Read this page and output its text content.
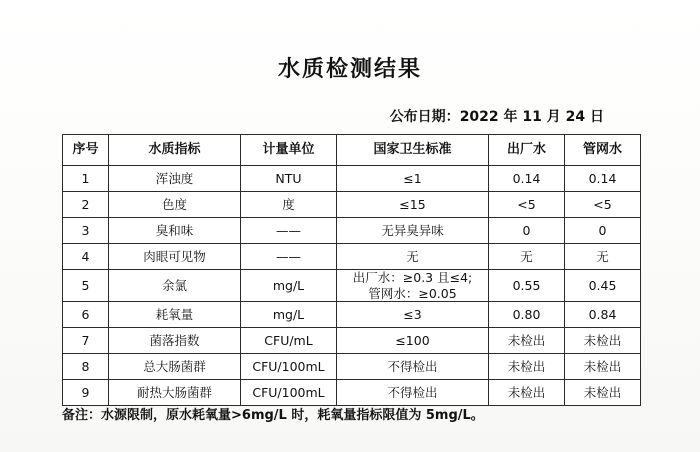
水质检测结果
公布日期：2022 年 11 月 24 日
序号	水质指标	计量单位	国家卫生标准	出厂水	管网水
1	浑浊度	NTU	≤1	0.14	0.14
2	色度	度	≤15	<5	<5
3	臭和味	——	无异臭异味	0	0
4	肉眼可见物	——	无	无	无
5	余氯	mg/L	出厂水：≥0.3 且≤4;
管网水：≥0.05	0.55	0.45
6	耗氧量	mg/L	≤3	0.80	0.84
7	菌落指数	CFU/mL	≤100	未检出	未检出
8	总大肠菌群	CFU/100mL	不得检出	未检出	未检出
9	耐热大肠菌群	CFU/100mL	不得检出	未检出	未检出
备注：水源限制，原水耗氧量>6mg/L 时，耗氧量指标限值为 5mg/L。
